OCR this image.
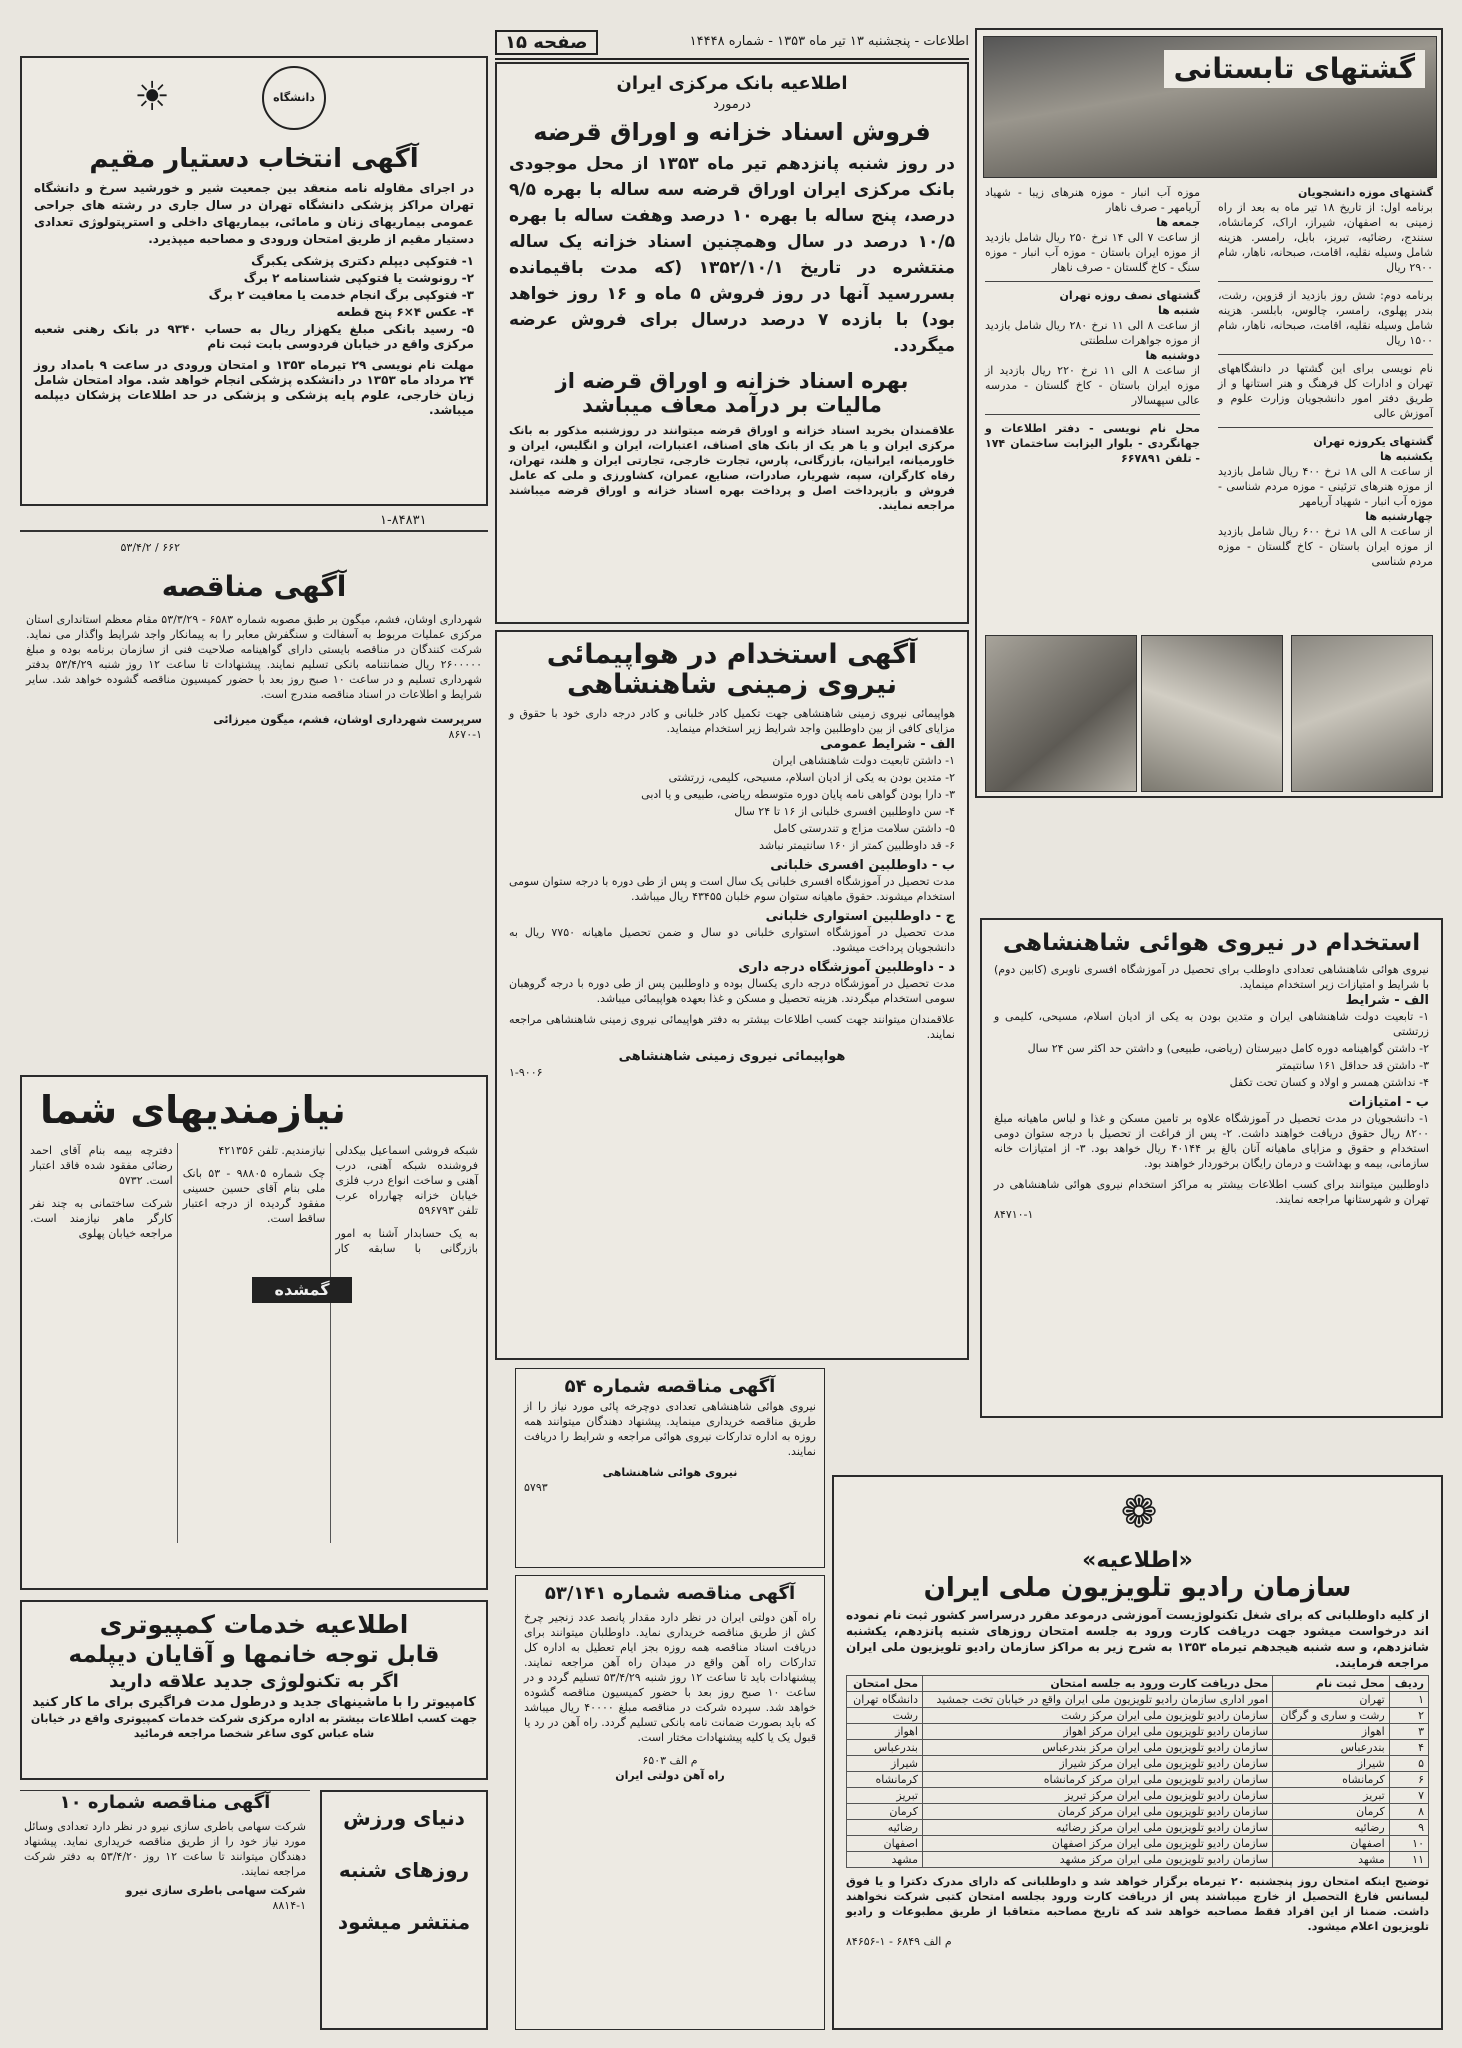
صفحه ۱۵	اطلاعات - پنجشنبه ۱۳ تیر ماه ۱۳۵۳ - شماره ۱۴۴۴۸
گشتهای تابستانی
گشتهای موزه دانشجویان
برنامه اول: از تاریخ ۱۸ تیر ماه به بعد از راه زمینی به اصفهان، شیراز، اراک، کرمانشاه، سنندج، رضائیه، تبریز، بابل، رامسر. هزینه شامل وسیله نقلیه، اقامت، صبحانه، ناهار، شام ۲۹۰۰ ریال
برنامه دوم: شش روز بازدید از قزوین، رشت، بندر پهلوی، رامسر، چالوس، بابلسر. هزینه شامل وسیله نقلیه، اقامت، صبحانه، ناهار، شام ۱۵۰۰ ریال
نام نویسی برای این گشتها در دانشگاههای تهران و ادارات کل فرهنگ و هنر استانها و از طریق دفتر امور دانشجویان وزارت علوم و آموزش عالی
گشتهای یکروزه تهران
یکشنبه ها
از ساعت ۸ الی ۱۸ نرخ ۴۰۰ ریال شامل بازدید از موزه هنرهای تزئینی - موزه مردم شناسی - موزه آب انبار - شهیاد آریامهر
چهارشنبه ها
از ساعت ۸ الی ۱۸ نرخ ۶۰۰ ریال شامل بازدید از موزه ایران باستان - کاخ گلستان - موزه مردم شناسی
موزه آب انبار - موزه هنرهای زیبا - شهیاد آریامهر - صرف ناهار
جمعه ها
از ساعت ۷ الی ۱۴ نرخ ۲۵۰ ریال شامل بازدید از موزه ایران باستان - موزه آب انبار - موزه سنگ - کاخ گلستان - صرف ناهار
گشتهای نصف روزه تهران
شنبه ها
از ساعت ۸ الی ۱۱ نرخ ۲۸۰ ریال شامل بازدید از موزه جواهرات سلطنتی
دوشنبه ها
از ساعت ۸ الی ۱۱ نرخ ۲۲۰ ریال بازدید از موزه ایران باستان - کاخ گلستان - مدرسه عالی سپهسالار
محل نام نویسی - دفتر اطلاعات و جهانگردی - بلوار الیزابت ساختمان ۱۷۴ - تلفن ۶۶۷۸۹۱
اطلاعیه بانک مرکزی ایران
درمورد
فروش اسناد خزانه و اوراق قرضه
در روز شنبه پانزدهم تیر ماه ۱۳۵۳ از محل موجودی بانک مرکزی ایران اوراق قرضه سه ساله با بهره ۹/۵ درصد، پنج ساله با بهره ۱۰ درصد وهفت ساله با بهره ۱۰/۵ درصد در سال وهمچنین اسناد خزانه یک ساله منتشره در تاریخ ۱۳۵۲/۱۰/۱ (که مدت باقیمانده بسررسید آنها در روز فروش ۵ ماه و ۱۶ روز خواهد بود) با بازده ۷ درصد درسال برای فروش عرضه میگردد.
بهره اسناد خزانه و اوراق قرضه از
مالیات بر درآمد معاف میباشد
علاقمندان بخرید اسناد خزانه و اوراق قرضه میتوانند در روزشنبه مذکور به بانک مرکزی ایران و یا هر یک از بانک های اصناف، اعتبارات، ایران و انگلیس، ایران و خاورمیانه، ایرانیان، بازرگانی، پارس، تجارت خارجی، تجارتی ایران و هلند، تهران، رفاه کارگران، سپه، شهریار، صادرات، صنایع، عمران، کشاورزی و ملی که عامل فروش و بازپرداخت اصل و پرداخت بهره اسناد خزانه و اوراق قرضه میباشند مراجعه نمایند.
دانشگاه
☀
آگهی انتخاب دستیار مقیم
در اجرای مقاوله نامه منعقد بین جمعیت شیر و خورشید سرخ و دانشگاه تهران مراکز پزشکی دانشگاه تهران در سال جاری در رشته های جراحی عمومی بیماریهای زنان و مامائی، بیماریهای داخلی و استرپتولوژی تعدادی دستیار مقیم از طریق امتحان ورودی و مصاحبه میپذیرد.
۱- فتوکپی دیپلم دکتری پزشکی یکبرگ
۲- رونوشت یا فتوکپی شناسنامه ۲ برگ
۳- فتوکپی برگ انجام خدمت یا معافیت ۲ برگ
۴- عکس ۴×۶ پنج قطعه
۵- رسید بانکی مبلغ یکهزار ریال به حساب ۹۳۴۰ در بانک رهنی شعبه مرکزی واقع در خیابان فردوسی بابت ثبت نام
مهلت نام نویسی ۲۹ تیرماه ۱۳۵۳ و امتحان ورودی در ساعت ۹ بامداد روز ۲۴ مرداد ماه ۱۳۵۳ در دانشکده پزشکی انجام خواهد شد. مواد امتحان شامل زبان خارجی، علوم پایه پزشکی و پزشکی در حد اطلاعات پزشکان دیپلمه میباشد.
۱-۸۴۸۳۱
۶۶۲ / ۵۳/۴/۲
آگهی مناقصه
شهرداری اوشان، فشم، میگون بر طبق مصوبه شماره ۶۵۸۳ - ۵۳/۳/۲۹ مقام معظم استانداری استان مرکزی عملیات مربوط به آسفالت و سنگفرش معابر را به پیمانکار واجد شرایط واگذار می نماید. شرکت کنندگان در مناقصه بایستی دارای گواهینامه صلاحیت فنی از سازمان برنامه بوده و مبلغ ۲۶۰۰۰۰۰ ریال ضمانتنامه بانکی تسلیم نمایند. پیشنهادات تا ساعت ۱۲ روز شنبه ۵۳/۴/۲۹ بدفتر شهرداری تسلیم و در ساعت ۱۰ صبح روز بعد با حضور کمیسیون مناقصه گشوده خواهد شد. سایر شرایط و اطلاعات در اسناد مناقصه مندرج است.
سرپرست شهرداری اوشان، فشم، میگون میرزائی
۸۶۷۰-۱
نیازمندیهای شما
گمشده
شبکه فروشی اسماعیل بیکدلی فروشنده شبکه آهنی، درب آهنی و ساخت انواع درب فلزی خیابان خزانه چهارراه عرب تلفن ۵۹۶۷۹۳
به یک حسابدار آشنا به امور بازرگانی با سابقه کار نیازمندیم. تلفن ۴۲۱۳۵۶
چک شماره ۹۸۸۰۵ - ۵۳ بانک ملی بنام آقای حسین حسینی مفقود گردیده از درجه اعتبار ساقط است.
دفترچه بیمه بنام آقای احمد رضائی مفقود شده فاقد اعتبار است. ۵۷۳۲
شرکت ساختمانی به چند نفر کارگر ماهر نیازمند است. مراجعه خیابان پهلوی
اطلاعیه خدمات کمپیوتری
قابل توجه خانمها و آقایان دیپلمه
اگر به تکنولوژی جدید علاقه دارید
کامپیوتر را با ماشینهای جدید و درطول مدت فراگیری برای ما کار کنید
جهت کسب اطلاعات بیشتر به اداره مرکزی شرکت خدمات کمپیوتری واقع در خیابان شاه عباس کوی ساغر شخصا مراجعه فرمائید
آگهی مناقصه شماره ۱۰
شرکت سهامی باطری سازی نیرو در نظر دارد تعدادی وسائل مورد نیاز خود را از طریق مناقصه خریداری نماید. پیشنهاد دهندگان میتوانند تا ساعت ۱۲ روز ۵۳/۴/۲۰ به دفتر شرکت مراجعه نمایند.
شرکت سهامی باطری سازی نیرو
۸۸۱۴-۱
دنیای ورزش
روزهای شنبه
منتشر میشود
آگهی استخدام در هواپیمائی
نیروی زمینی شاهنشاهی
هواپیمائی نیروی زمینی شاهنشاهی جهت تکمیل کادر خلبانی و کادر درجه داری خود با حقوق و مزایای کافی از بین داوطلبین واجد شرایط زیر استخدام مینماید.
الف - شرایط عمومی
۱- داشتن تابعیت دولت شاهنشاهی ایران
۲- متدین بودن به یکی از ادیان اسلام، مسیحی، کلیمی، زرتشتی
۳- دارا بودن گواهی نامه پایان دوره متوسطه ریاضی، طبیعی و یا ادبی
۴- سن داوطلبین افسری خلبانی از ۱۶ تا ۲۴ سال
۵- داشتن سلامت مزاج و تندرستی کامل
۶- قد داوطلبین کمتر از ۱۶۰ سانتیمتر نباشد
ب - داوطلبین افسری خلبانی
مدت تحصیل در آموزشگاه افسری خلبانی یک سال است و پس از طی دوره با درجه ستوان سومی استخدام میشوند. حقوق ماهیانه ستوان سوم خلبان ۴۳۴۵۵ ریال میباشد.
ج - داوطلبین استواری خلبانی
مدت تحصیل در آموزشگاه استواری خلبانی دو سال و ضمن تحصیل ماهیانه ۷۷۵۰ ریال به دانشجویان پرداخت میشود.
د - داوطلبین آموزشگاه درجه داری
مدت تحصیل در آموزشگاه درجه داری یکسال بوده و داوطلبین پس از طی دوره با درجه گروهبان سومی استخدام میگردند. هزینه تحصیل و مسکن و غذا بعهده هواپیمائی میباشد.
علاقمندان میتوانند جهت کسب اطلاعات بیشتر به دفتر هواپیمائی نیروی زمینی شاهنشاهی مراجعه نمایند.
هواپیمائی نیروی زمینی شاهنشاهی
۱-۹۰۰۶
آگهی مناقصه شماره ۵۴
نیروی هوائی شاهنشاهی تعدادی دوچرخه پائی مورد نیاز را از طریق مناقصه خریداری مینماید. پیشنهاد دهندگان میتوانند همه روزه به اداره تدارکات نیروی هوائی مراجعه و شرایط را دریافت نمایند.
نیروی هوائی شاهنشاهی
۵۷۹۳
آگهی مناقصه شماره ۵۳/۱۴۱
راه آهن دولتی ایران در نظر دارد مقدار پانصد عدد زنجیر چرخ کش از طریق مناقصه خریداری نماید. داوطلبان میتوانند برای دریافت اسناد مناقصه همه روزه بجز ایام تعطیل به اداره کل تدارکات راه آهن واقع در میدان راه آهن مراجعه نمایند. پیشنهادات باید تا ساعت ۱۲ روز شنبه ۵۳/۴/۲۹ تسلیم گردد و در ساعت ۱۰ صبح روز بعد با حضور کمیسیون مناقصه گشوده خواهد شد. سپرده شرکت در مناقصه مبلغ ۴۰۰۰۰ ریال میباشد که باید بصورت ضمانت نامه بانکی تسلیم گردد. راه آهن در رد یا قبول یک یا کلیه پیشنهادات مختار است.
م الف ۶۵۰۳
راه آهن دولتی ایران
استخدام در نیروی هوائی شاهنشاهی
نیروی هوائی شاهنشاهی تعدادی داوطلب برای تحصیل در آموزشگاه افسری ناوبری (کابین دوم) با شرایط و امتیازات زیر استخدام مینماید.
الف - شرایط
۱- تابعیت دولت شاهنشاهی ایران و متدین بودن به یکی از ادیان اسلام، مسیحی، کلیمی و زرتشتی
۲- داشتن گواهینامه دوره کامل دبیرستان (ریاضی، طبیعی) و داشتن حد اکثر سن ۲۴ سال
۳- داشتن قد حداقل ۱۶۱ سانتیمتر
۴- نداشتن همسر و اولاد و کسان تحت تکفل
ب - امتیازات
۱- دانشجویان در مدت تحصیل در آموزشگاه علاوه بر تامین مسکن و غذا و لباس ماهیانه مبلغ ۸۲۰۰ ریال حقوق دریافت خواهند داشت. ۲- پس از فراغت از تحصیل با درجه ستوان دومی استخدام و حقوق و مزایای ماهیانه آنان بالغ بر ۴۰۱۴۴ ریال خواهد بود. ۳- از امتیازات خانه سازمانی، بیمه و بهداشت و درمان رایگان برخوردار خواهند بود.
داوطلبین میتوانند برای کسب اطلاعات بیشتر به مراکز استخدام نیروی هوائی شاهنشاهی در تهران و شهرستانها مراجعه نمایند.
۸۴۷۱۰-۱
❁
«اطلاعیه»
سازمان رادیو تلویزیون ملی ایران
از کلیه داوطلبانی که برای شغل تکنولوژیست آموزشی درموعد مقرر درسراسر کشور ثبت نام نموده اند درخواست میشود جهت دریافت کارت ورود به جلسه امتحان روزهای شنبه پانزدهم، یکشنبه شانزدهم، و سه شنبه هیجدهم تیرماه ۱۳۵۳ به شرح زیر به مراکز سازمان رادیو تلویزیون ملی ایران مراجعه فرمایند.
ردیف	محل ثبت نام	محل دریافت کارت ورود به جلسه امتحان	محل امتحان
۱	تهران	امور اداری سازمان رادیو تلویزیون ملی ایران واقع در خیابان تخت جمشید	دانشگاه تهران
۲	رشت و ساری و گرگان	سازمان رادیو تلویزیون ملی ایران مرکز رشت	رشت
۳	اهواز	سازمان رادیو تلویزیون ملی ایران مرکز اهواز	اهواز
۴	بندرعباس	سازمان رادیو تلویزیون ملی ایران مرکز بندرعباس	بندرعباس
۵	شیراز	سازمان رادیو تلویزیون ملی ایران مرکز شیراز	شیراز
۶	کرمانشاه	سازمان رادیو تلویزیون ملی ایران مرکز کرمانشاه	کرمانشاه
۷	تبریز	سازمان رادیو تلویزیون ملی ایران مرکز تبریز	تبریز
۸	کرمان	سازمان رادیو تلویزیون ملی ایران مرکز کرمان	کرمان
۹	رضائیه	سازمان رادیو تلویزیون ملی ایران مرکز رضائیه	رضائیه
۱۰	اصفهان	سازمان رادیو تلویزیون ملی ایران مرکز اصفهان	اصفهان
۱۱	مشهد	سازمان رادیو تلویزیون ملی ایران مرکز مشهد	مشهد
توضیح اینکه امتحان روز پنجشنبه ۲۰ تیرماه برگزار خواهد شد و داوطلبانی که دارای مدرک دکترا و یا فوق لیسانس فارغ التحصیل از خارج میباشند پس از دریافت کارت ورود بجلسه امتحان کتبی شرکت نخواهند داشت. ضمنا از این افراد فقط مصاحبه خواهد شد که تاریخ مصاحبه متعاقبا از طریق مطبوعات و رادیو تلویزیون اعلام میشود.
م الف ۶۸۴۹ - ۱-۸۴۶۵۶
